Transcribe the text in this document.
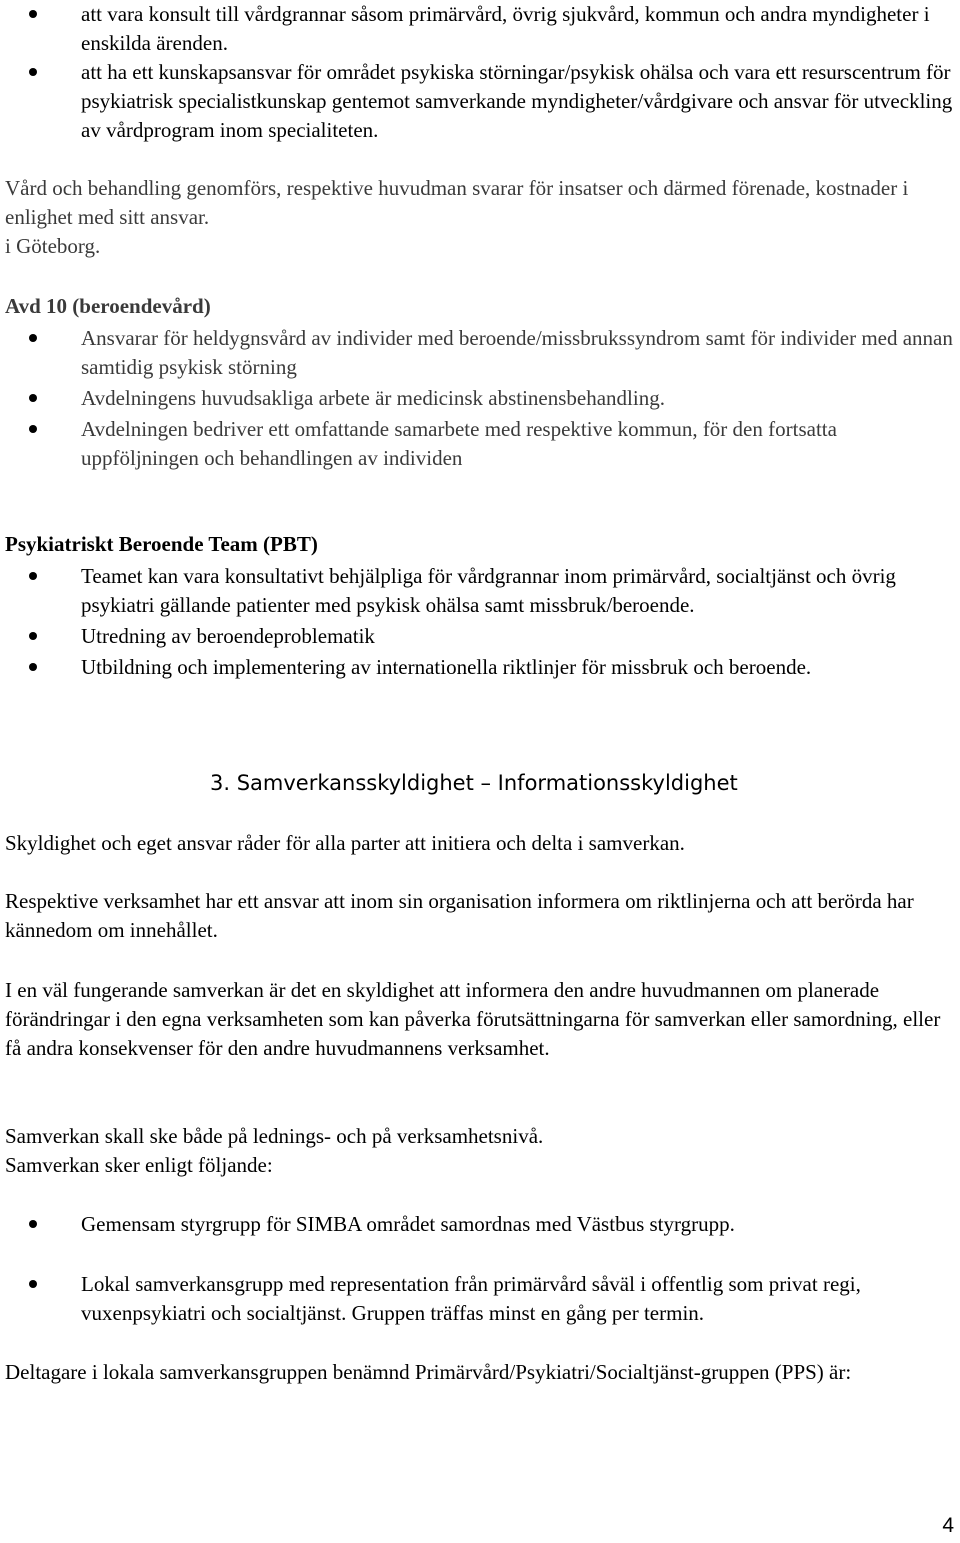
att vara konsult till vårdgrannar såsom primärvård, övrig sjukvård, kommun och andra myndigheter i enskilda ärenden.
att ha ett kunskapsansvar för området psykiska störningar/psykisk ohälsa och vara ett resurscentrum för psykiatrisk specialistkunskap gentemot samverkande myndigheter/vårdgivare och ansvar för utveckling av vårdprogram inom specialiteten.

Vård och behandling genomförs, respektive huvudman svarar för insatser och därmed förenade, kostnader i enlighet med sitt ansvar.

i Göteborg.

Avd 10 (beroendevård)

Ansvarar för heldygnsvård av individer med beroende/missbrukssyndrom samt för individer med annan samtidig psykisk störning
Avdelningens huvudsakliga arbete är medicinsk abstinensbehandling.
Avdelningen bedriver ett omfattande samarbete med respektive kommun, för den fortsatta uppföljningen och behandlingen av individen

Psykiatriskt Beroende Team (PBT)

Teamet kan vara konsultativt behjälpliga för vårdgrannar inom primärvård, socialtjänst och övrig psykiatri gällande patienter med psykisk ohälsa samt missbruk/beroende.
Utredning av beroendeproblematik
Utbildning och implementering av internationella riktlinjer för missbruk och beroende.
3. Samverkansskyldighet – Informationsskyldighet

Skyldighet och eget ansvar råder för alla parter att initiera och delta i samverkan.

Respektive verksamhet har ett ansvar att inom sin organisation informera om riktlinjerna och att berörda har kännedom om innehållet.

I en väl fungerande samverkan är det en skyldighet att informera den andre huvudmannen om planerade förändringar i den egna verksamheten som kan påverka förutsättningarna för samverkan eller samordning, eller få andra konsekvenser för den andre huvudmannens verksamhet.

Samverkan skall ske både på lednings- och på verksamhetsnivå.

Samverkan sker enligt följande:

Gemensam styrgrupp för SIMBA området samordnas med Västbus styrgrupp.
Lokal samverkansgrupp med representation från primärvård såväl i offentlig som privat regi, vuxenpsykiatri och socialtjänst. Gruppen träffas minst en gång per termin.

Deltagare i lokala samverkansgruppen benämnd Primärvård/Psykiatri/Socialtjänst-gruppen (PPS) är:

4
